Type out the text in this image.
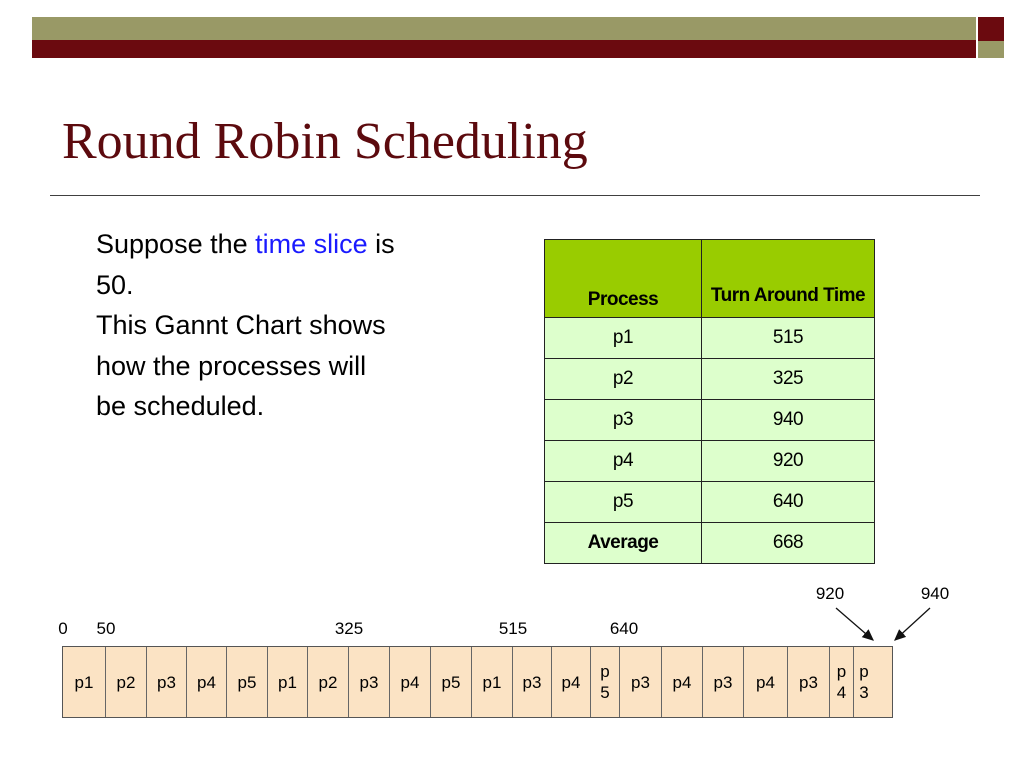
Round Robin Scheduling
Suppose the time slice is 50.
This Gannt Chart shows how the processes will be scheduled.
Process	Turn Around Time
p1	515
p2	325
p3	940
p4	920
p5	640
Average	668
0 50	325	515	640
920	940
p1	p2	p3	p4	p5	p1	p2	p3	p4	p5	p1	p3	p4
p
5
p3	p4	p3	p4	p3
p
4
p
3
